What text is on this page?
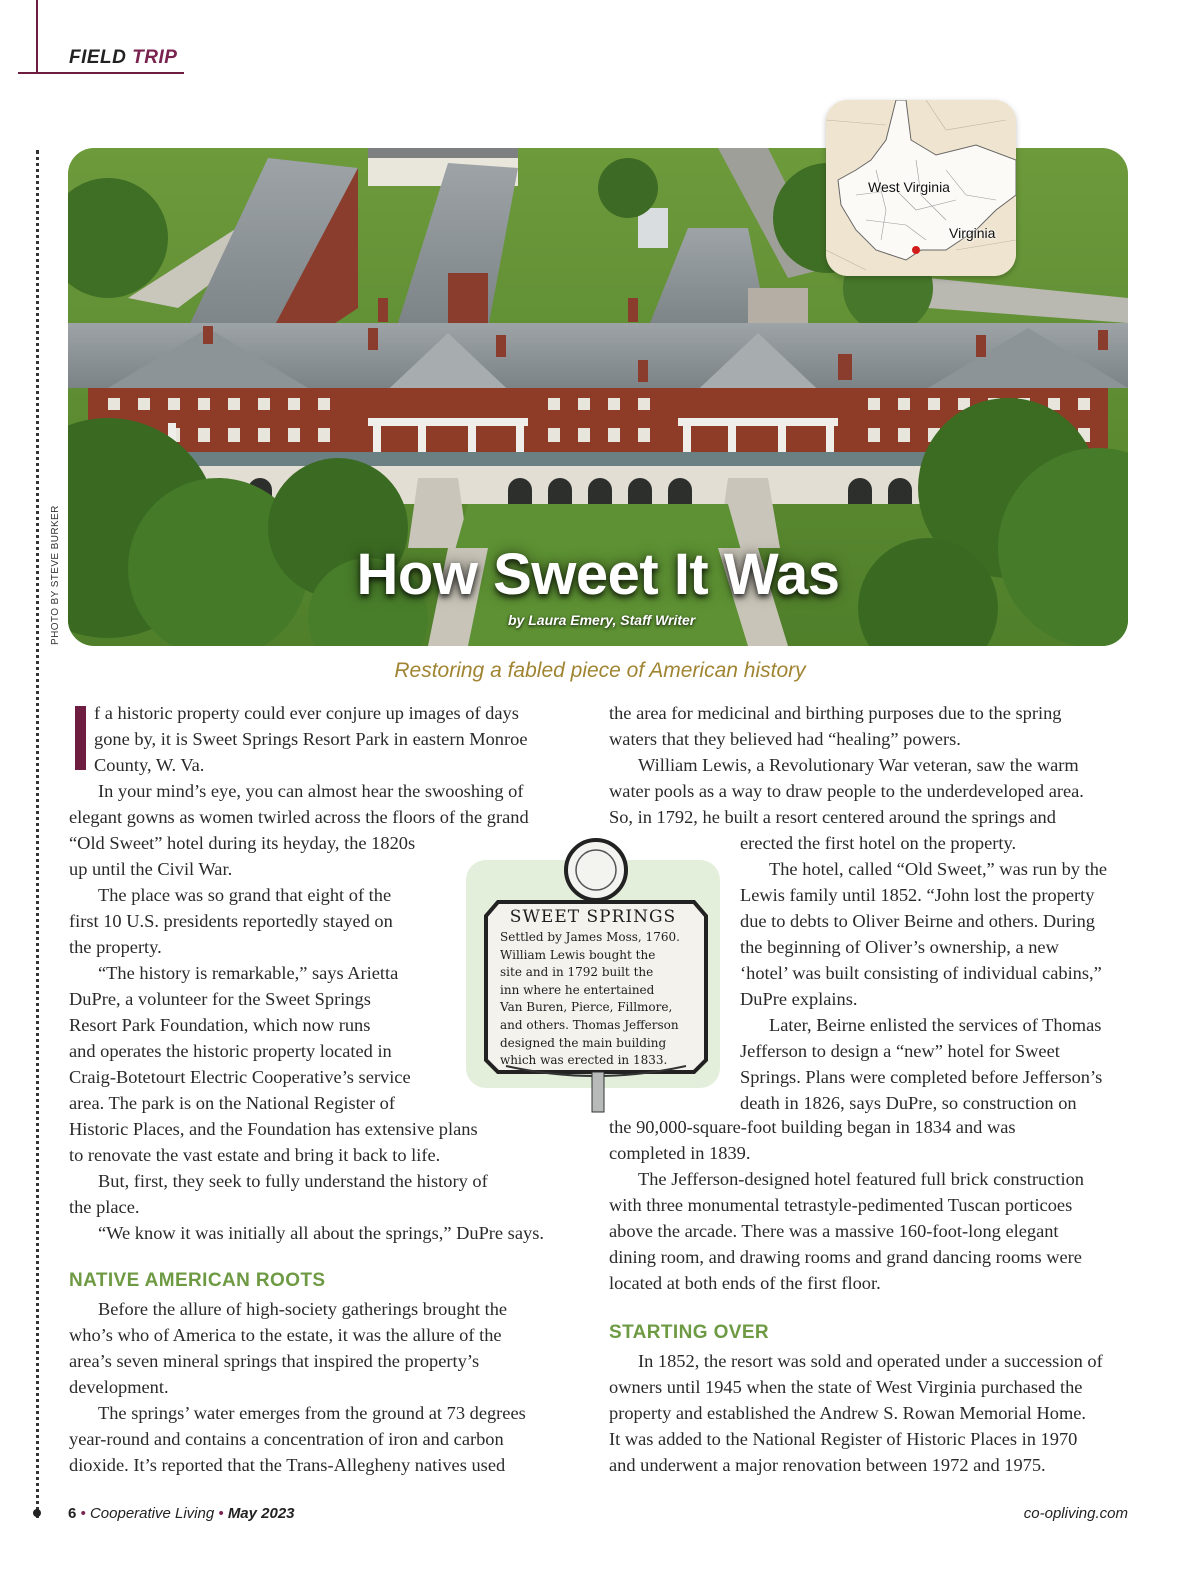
FIELD TRIP
PHOTO BY STEVE BURKER	How Sweet It Was
by Laura Emery, Staff Writer
West Virginia
Virginia
Restoring a fabled piece of American history

f a historic property could ever conjure up images of days

gone by, it is Sweet Springs Resort Park in eastern Monroe

County, W. Va.

In your mind’s eye, you can almost hear the swooshing of

elegant gowns as women twirled across the floors of the grand

“Old Sweet” hotel during its heyday, the 1820s

up until the Civil War.

The place was so grand that eight of the

first 10 U.S. presidents reportedly stayed on

the property.

“The history is remarkable,” says Arietta

DuPre, a volunteer for the Sweet Springs

Resort Park Foundation, which now runs

and operates the historic property located in

Craig-Botetourt Electric Cooperative’s service

area. The park is on the National Register of

Historic Places, and the Foundation has extensive plans

to renovate the vast estate and bring it back to life.

But, first, they seek to fully understand the history of

the place.

“We know it was initially all about the springs,” DuPre says.

NATIVE AMERICAN ROOTS

Before the allure of high-society gatherings brought the

who’s who of America to the estate, it was the allure of the

area’s seven mineral springs that inspired the property’s

development.

The springs’ water emerges from the ground at 73 degrees

year-round and contains a concentration of iron and carbon

dioxide. It’s reported that the Trans-Allegheny natives used

the area for medicinal and birthing purposes due to the spring

waters that they believed had “healing” powers.

William Lewis, a Revolutionary War veteran, saw the warm

water pools as a way to draw people to the underdeveloped area.

So, in 1792, he built a resort centered around the springs and

erected the first hotel on the property.

The hotel, called “Old Sweet,” was run by the

Lewis family until 1852. “John lost the property

due to debts to Oliver Beirne and others. During

the beginning of Oliver’s ownership, a new

‘hotel’ was built consisting of individual cabins,”

DuPre explains.

Later, Beirne enlisted the services of Thomas

Jefferson to design a “new” hotel for Sweet

Springs. Plans were completed before Jefferson’s

death in 1826, says DuPre, so construction on

the 90,000-square-foot building began in 1834 and was

completed in 1839.

The Jefferson-designed hotel featured full brick construction

with three monumental tetrastyle-pedimented Tuscan porticoes

above the arcade. There was a massive 160-foot-long elegant

dining room, and drawing rooms and grand dancing rooms were

located at both ends of the first floor.

STARTING OVER

In 1852, the resort was sold and operated under a succession of

owners until 1945 when the state of West Virginia purchased the

property and established the Andrew S. Rowan Memorial Home.

It was added to the National Register of Historic Places in 1970

and underwent a major renovation between 1972 and 1975.

SWEET SPRINGS
Settled by James Moss, 1760.
William Lewis bought the
site and in 1792 built the
inn where he entertained
Van Buren, Pierce, Fillmore,
and others. Thomas Jefferson
designed the main building
which was erected in 1833.
6 • Cooperative Living • May 2023	co-opliving.com
